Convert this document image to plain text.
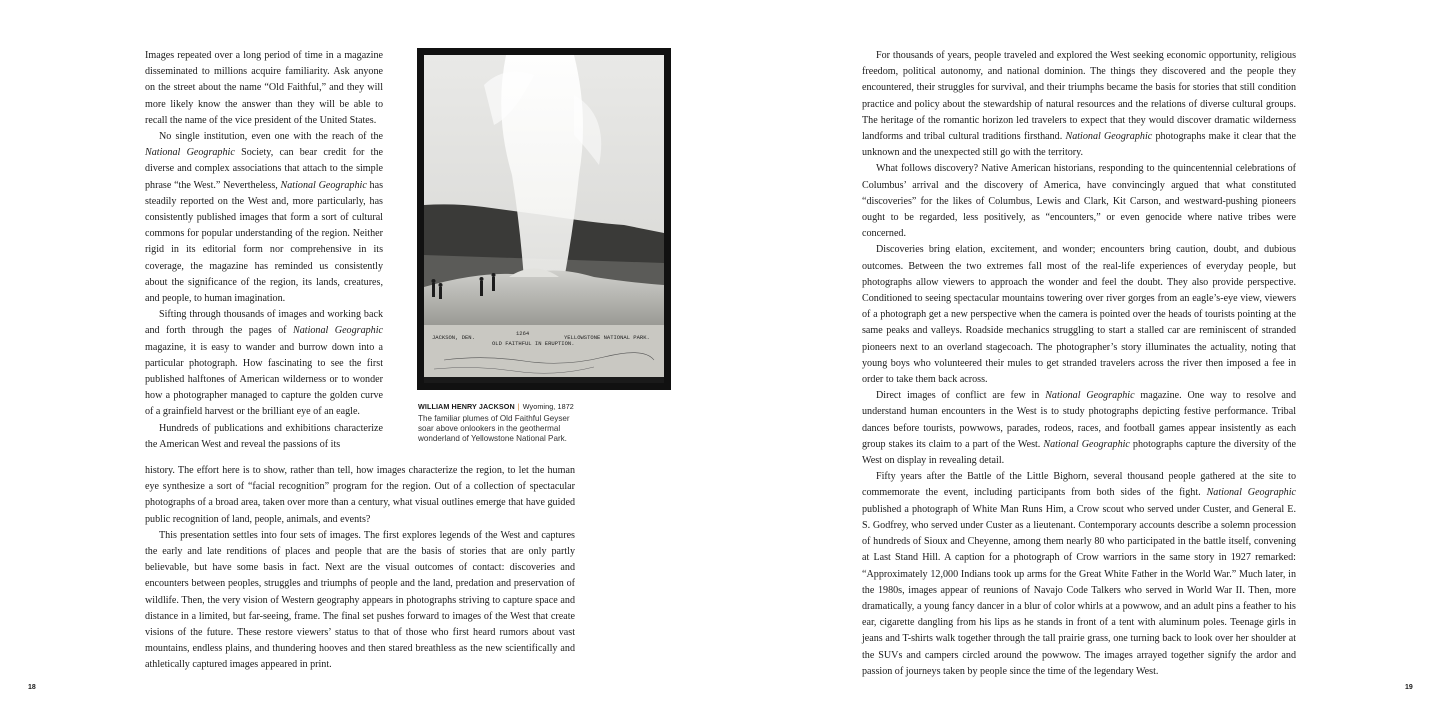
Images repeated over a long period of time in a magazine disseminated to millions acquire familiarity. Ask anyone on the street about the name “Old Faithful,” and they will more likely know the answer than they will be able to recall the name of the vice president of the United States.

No single institution, even one with the reach of the National Geographic Society, can bear credit for the diverse and complex associations that attach to the simple phrase “the West.” Nevertheless, National Geographic has steadily reported on the West and, more particularly, has consistently published images that form a sort of cultural commons for popular understanding of the region. Neither rigid in its editorial form nor comprehensive in its coverage, the magazine has reminded us consistently about the significance of the region, its lands, creatures, and people, to human imagination.

Sifting through thousands of images and working back and forth through the pages of National Geographic magazine, it is easy to wander and burrow down into a particular photograph. How fascinating to see the first published halftones of American wilderness or to wonder how a photographer managed to capture the golden curve of a grainfield harvest or the brilliant eye of an eagle.

Hundreds of publications and exhibitions characterize the American West and reveal the passions of its

JACKSON, DEN.
1264
YELLOWSTONE NATIONAL PARK.
OLD FAITHFUL IN ERUPTION.
WILLIAM HENRY JACKSON | Wyoming, 1872
The familiar plumes of Old Faithful Geyser soar above onlookers in the geothermal wonderland of Yellowstone National Park.

history. The effort here is to show, rather than tell, how images characterize the region, to let the human eye synthesize a sort of “facial recognition” program for the region. Out of a collection of spectacular photographs of a broad area, taken over more than a century, what visual outlines emerge that have guided public recognition of land, people, animals, and events?

This presentation settles into four sets of images. The first explores legends of the West and captures the early and late renditions of places and people that are the basis of stories that are only partly believable, but have some basis in fact. Next are the visual outcomes of contact: discoveries and encounters between peoples, struggles and triumphs of people and the land, predation and preservation of wildlife. Then, the very vision of Western geography appears in photographs striving to capture space and distance in a limited, but far-seeing, frame. The final set pushes forward to images of the West that create visions of the future. These restore viewers’ status to that of those who first heard rumors about vast mountains, endless plains, and thundering hooves and then stared breathless as the new scientifically and athletically captured images appeared in print.

18

For thousands of years, people traveled and explored the West seeking economic opportunity, religious freedom, political autonomy, and national dominion. The things they discovered and the people they encountered, their struggles for survival, and their triumphs became the basis for stories that still condition practice and policy about the stewardship of natural resources and the relations of diverse cultural groups. The heritage of the romantic horizon led travelers to expect that they would discover dramatic wilderness landforms and tribal cultural traditions firsthand. National Geographic photographs make it clear that the unknown and the unexpected still go with the territory.

What follows discovery? Native American historians, responding to the quincentennial celebrations of Columbus’ arrival and the discovery of America, have convincingly argued that what constituted “discoveries” for the likes of Columbus, Lewis and Clark, Kit Carson, and westward-pushing pioneers ought to be regarded, less positively, as “encounters,” or even genocide where native tribes were concerned.

Discoveries bring elation, excitement, and wonder; encounters bring caution, doubt, and dubious outcomes. Between the two extremes fall most of the real-life experiences of everyday people, but photographs allow viewers to approach the wonder and feel the doubt. They also provide perspective. Conditioned to seeing spectacular mountains towering over river gorges from an eagle’s-eye view, viewers of a photograph get a new perspective when the camera is pointed over the heads of tourists pointing at the same peaks and valleys. Roadside mechanics struggling to start a stalled car are reminiscent of stranded pioneers next to an overland stagecoach. The photographer’s story illuminates the actuality, noting that young boys who volunteered their mules to get stranded travelers across the river then imposed a fee in order to take them back across.

Direct images of conflict are few in National Geographic magazine. One way to resolve and understand human encounters in the West is to study photographs depicting festive performance. Tribal dances before tourists, powwows, parades, rodeos, races, and football games appear insistently as each group stakes its claim to a part of the West. National Geographic photographs capture the diversity of the West on display in revealing detail.

Fifty years after the Battle of the Little Bighorn, several thousand people gathered at the site to commemorate the event, including participants from both sides of the fight. National Geographic published a photograph of White Man Runs Him, a Crow scout who served under Custer, and General E. S. Godfrey, who served under Custer as a lieutenant. Contemporary accounts describe a solemn procession of hundreds of Sioux and Cheyenne, among them nearly 80 who participated in the battle itself, convening at Last Stand Hill. A caption for a photograph of Crow warriors in the same story in 1927 remarked: “Approximately 12,000 Indians took up arms for the Great White Father in the World War.” Much later, in the 1980s, images appear of reunions of Navajo Code Talkers who served in World War II. Then, more dramatically, a young fancy dancer in a blur of color whirls at a powwow, and an adult pins a feather to his ear, cigarette dangling from his lips as he stands in front of a tent with aluminum poles. Teenage girls in jeans and T-shirts walk together through the tall prairie grass, one turning back to look over her shoulder at the SUVs and campers circled around the powwow. The images arrayed together signify the ardor and passion of journeys taken by people since the time of the legendary West.

19
